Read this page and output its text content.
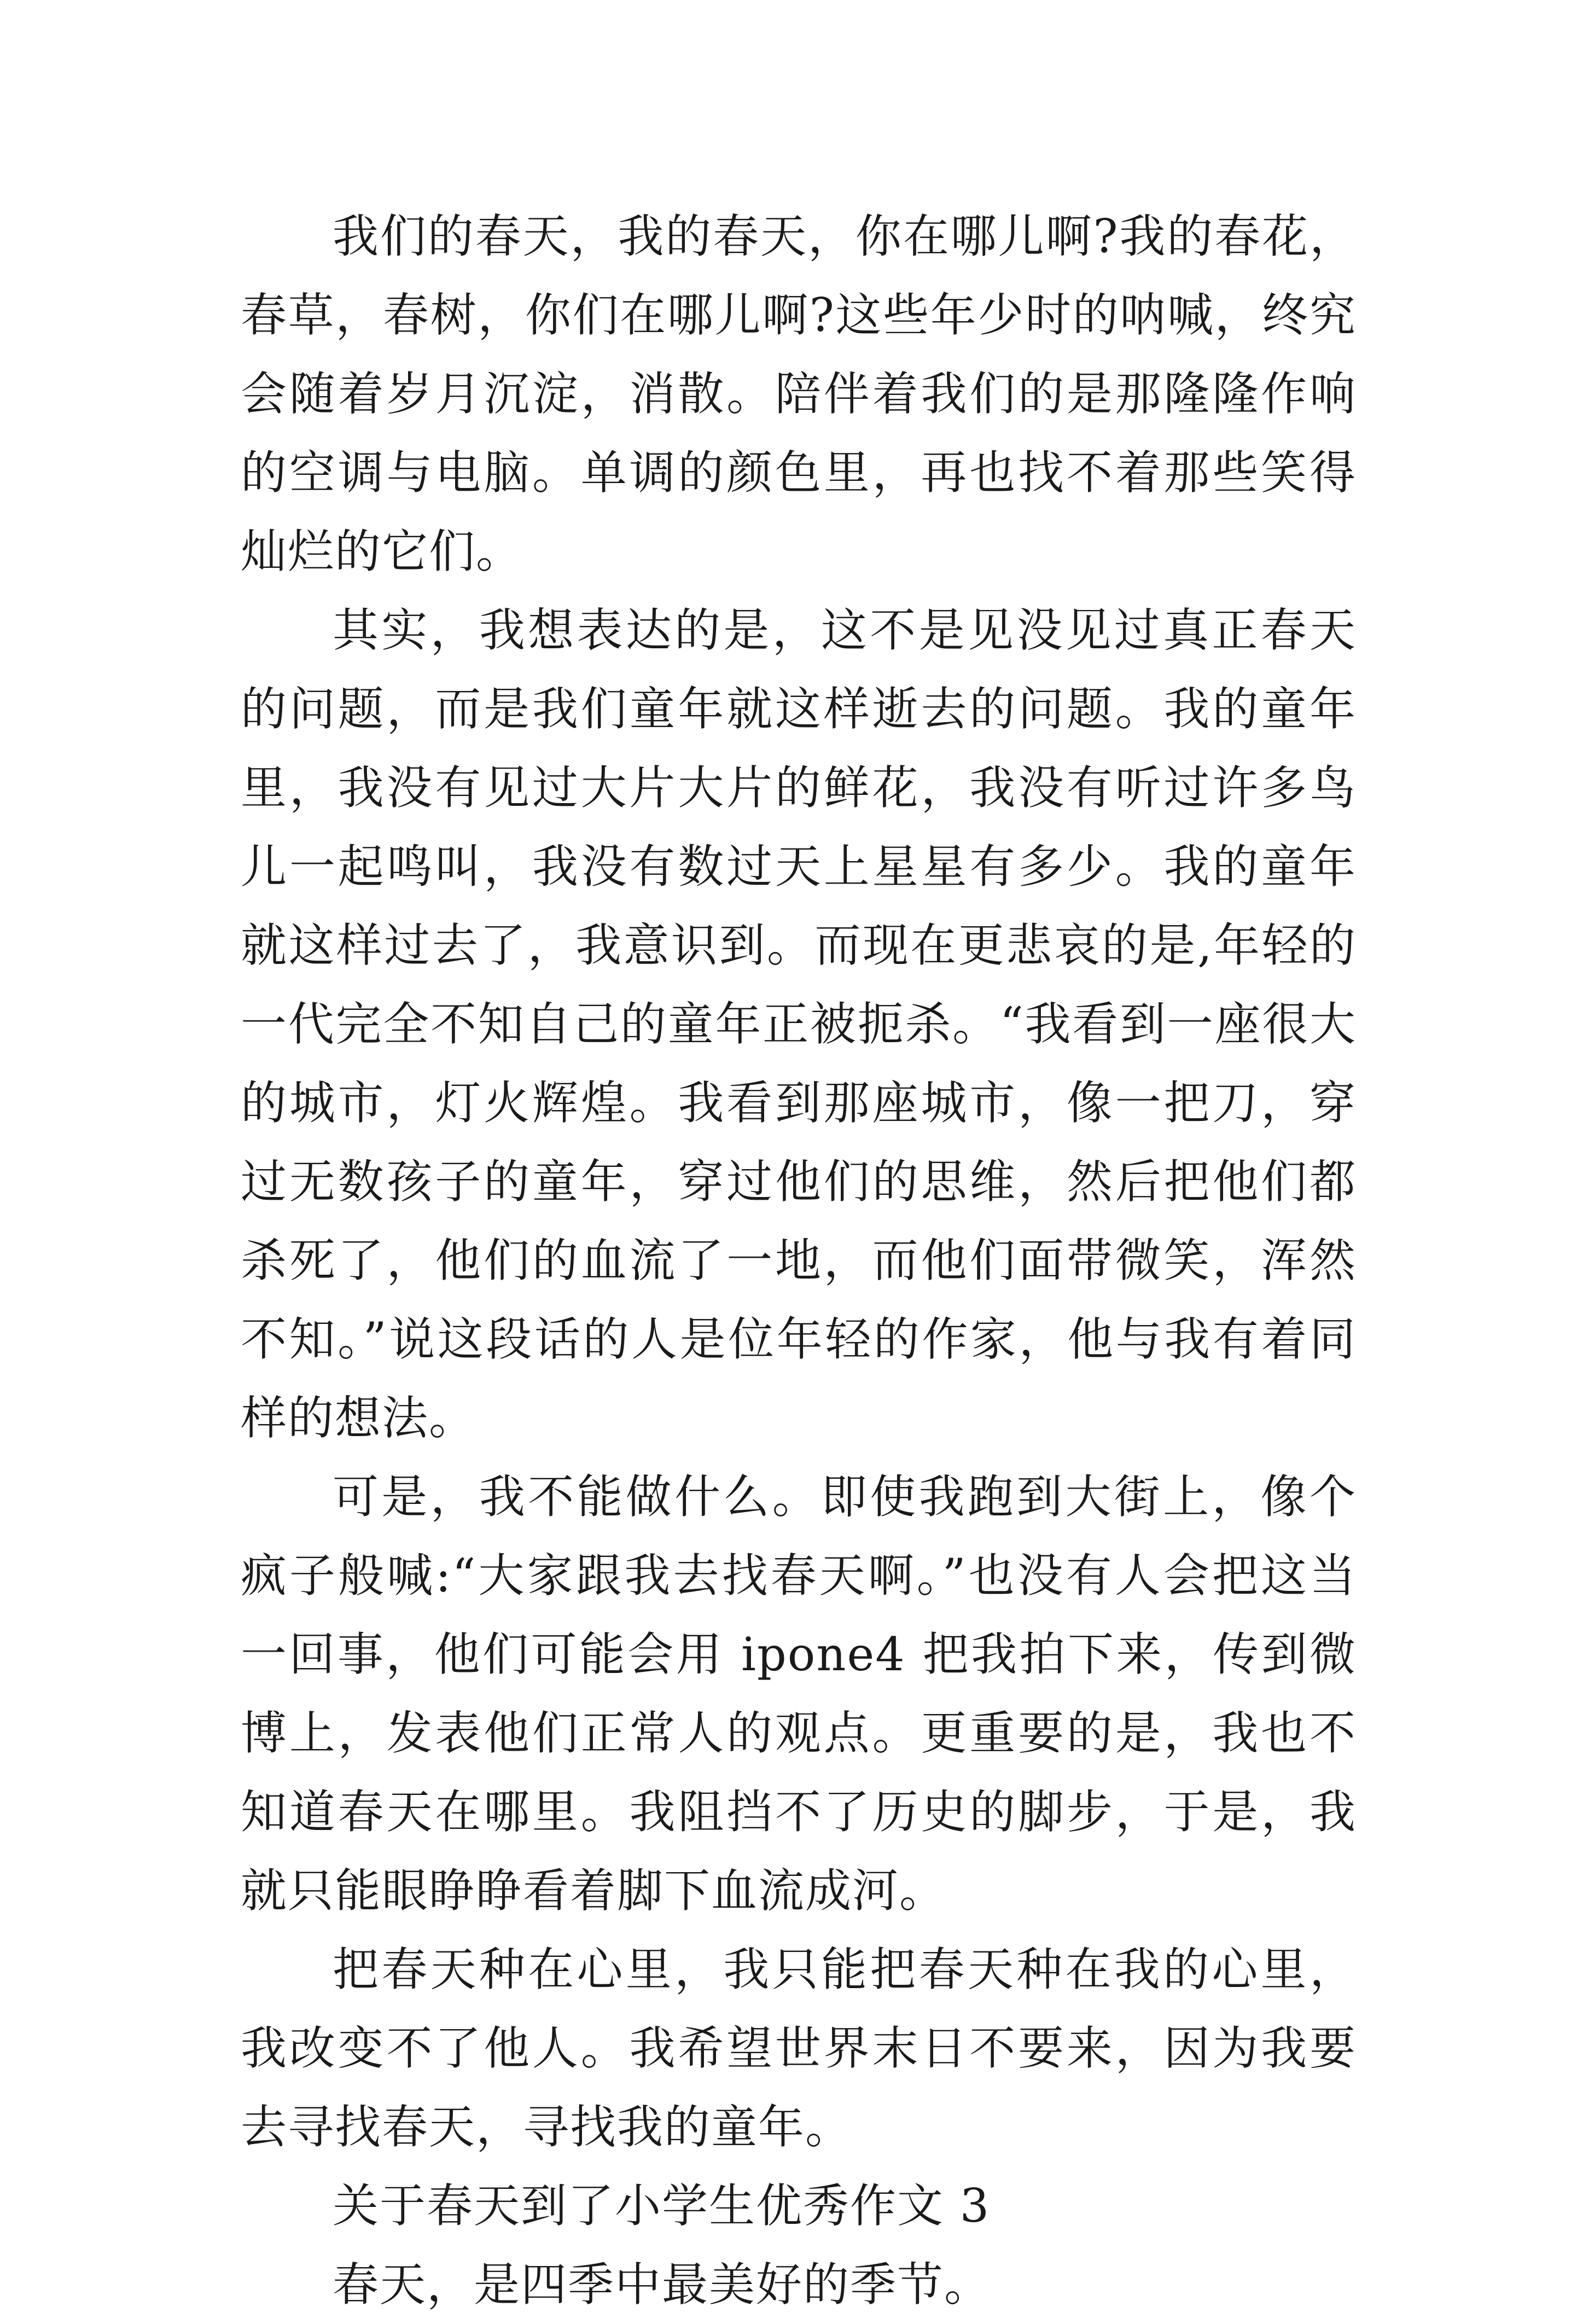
我们的春天，我的春天，你在哪儿啊?我的春花，春草，春树，你们在哪儿啊?这些年少时的呐喊，终究会随着岁月沉淀，消散。陪伴着我们的是那隆隆作响的空调与电脑。单调的颜色里，再也找不着那些笑得灿烂的它们。

其实，我想表达的是，这不是见没见过真正春天的问题，而是我们童年就这样逝去的问题。我的童年里，我没有见过大片大片的鲜花，我没有听过许多鸟儿一起鸣叫，我没有数过天上星星有多少。我的童年就这样过去了，我意识到。而现在更悲哀的是,年轻的一代完全不知自己的童年正被扼杀。“我看到一座很大的城市，灯火辉煌。我看到那座城市，像一把刀，穿过无数孩子的童年，穿过他们的思维，然后把他们都杀死了，他们的血流了一地，而他们面带微笑，浑然不知。”说这段话的人是位年轻的作家，他与我有着同样的想法。

可是，我不能做什么。即使我跑到大街上，像个疯子般喊:“大家跟我去找春天啊。”也没有人会把这当一回事，他们可能会用 ipone4 把我拍下来，传到微博上，发表他们正常人的观点。更重要的是，我也不知道春天在哪里。我阻挡不了历史的脚步，于是，我就只能眼睁睁看着脚下血流成河。

把春天种在心里，我只能把春天种在我的心里，我改变不了他人。我希望世界末日不要来，因为我要去寻找春天，寻找我的童年。

关于春天到了小学生优秀作文 3

春天，是四季中最美好的季节。
